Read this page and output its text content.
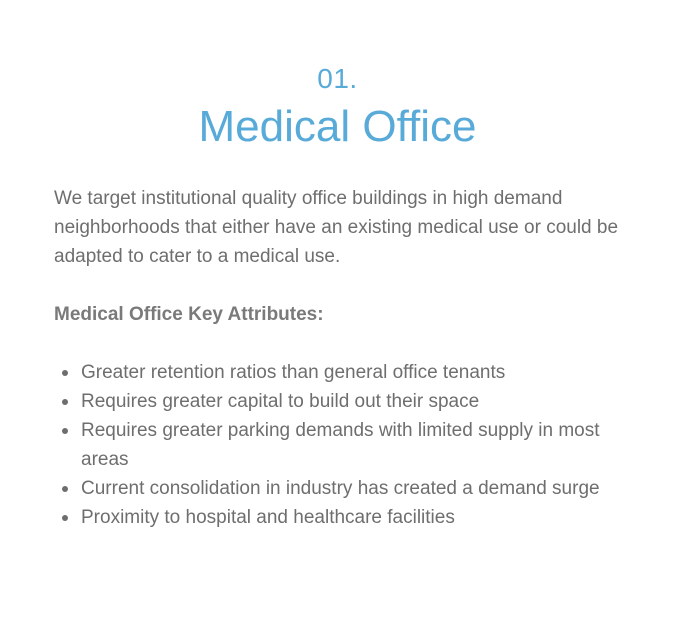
01.
Medical Office

We target institutional quality office buildings in high demand neighborhoods that either have an existing medical use or could be adapted to cater to a medical use.

Medical Office Key Attributes:

Greater retention ratios than general office tenants
Requires greater capital to build out their space
Requires greater parking demands with limited supply in most areas
Current consolidation in industry has created a demand surge
Proximity to hospital and healthcare facilities
